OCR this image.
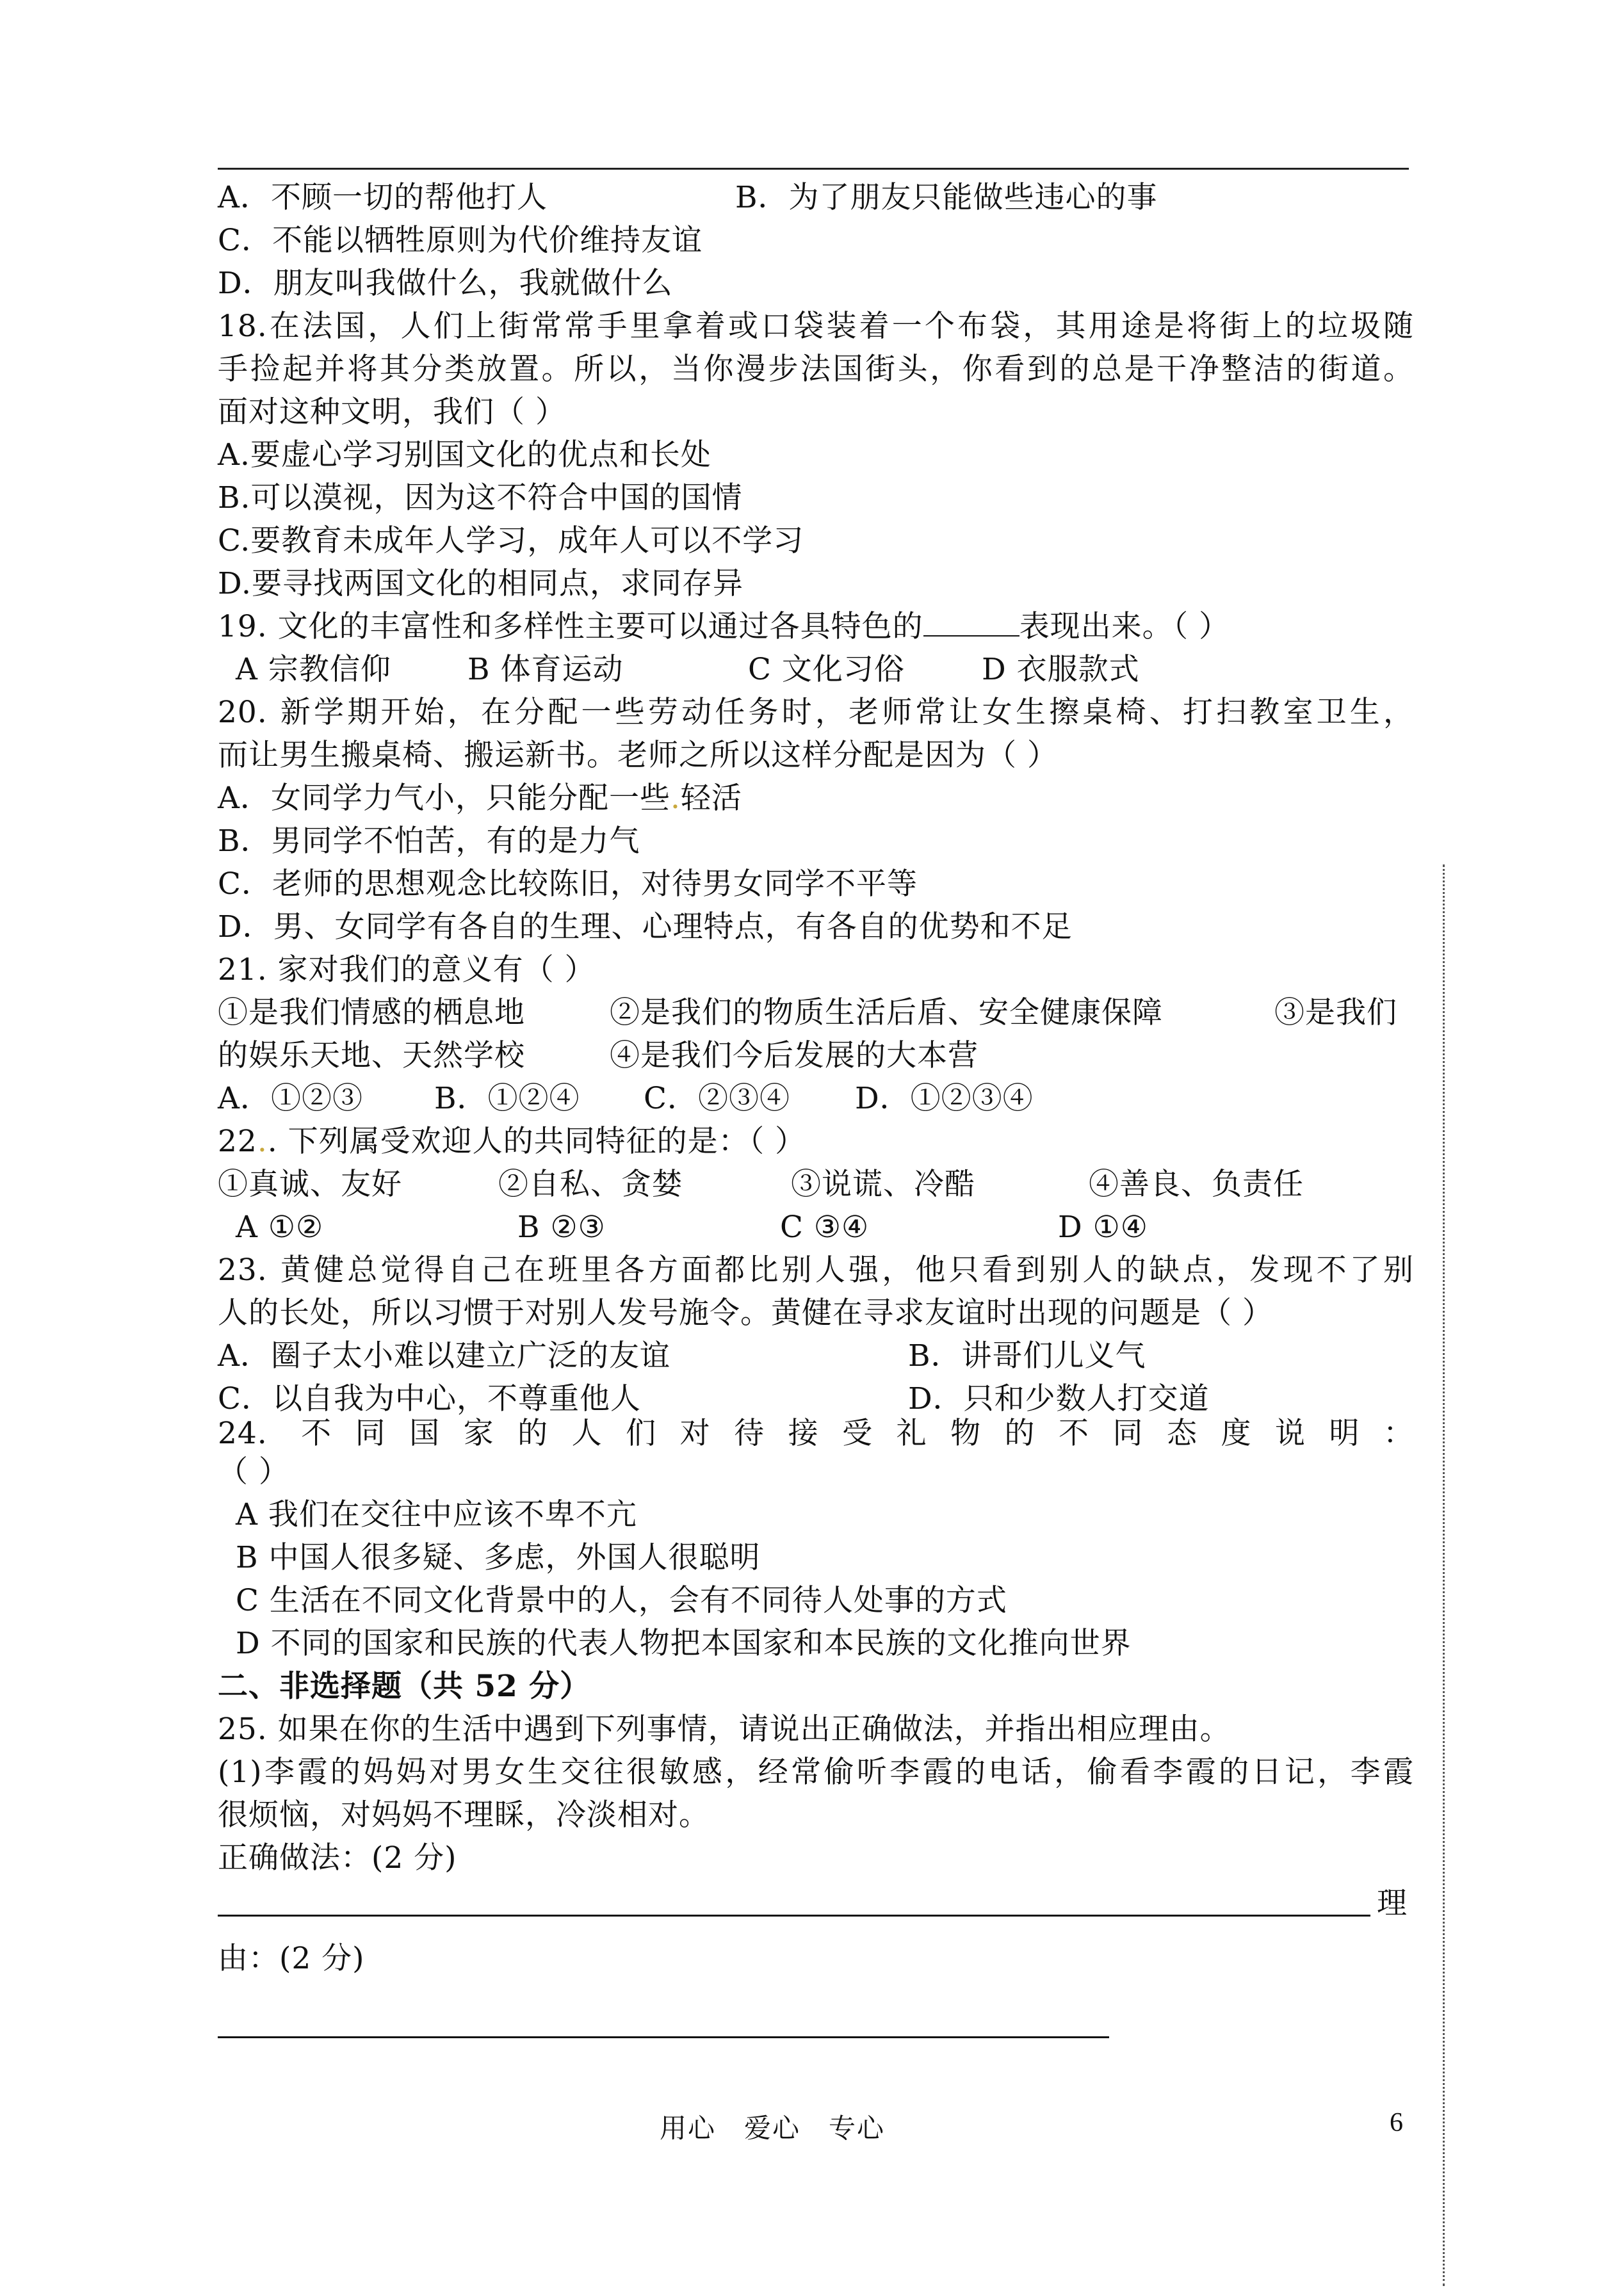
A．不顾一切的帮他打人	B．为了朋友只能做些违心的事
C．不能以牺牲原则为代价维持友谊
D．朋友叫我做什么，我就做什么
18.在法国，人们上街常常手里拿着或口袋装着一个布袋，其用途是将街上的垃圾随
手捡起并将其分类放置。所以，当你漫步法国街头，你看到的总是干净整洁的街道。
面对这种文明，我们（ ）
A.要虚心学习别国文化的优点和长处
B.可以漠视，因为这不符合中国的国情
C.要教育未成年人学习，成年人可以不学习
D.要寻找两国文化的相同点，求同存异
19. 文化的丰富性和多样性主要可以通过各具特色的	表现出来。（ ）
A 宗教信仰	B 体育运动	C 文化习俗	D 衣服款式
20. 新学期开始，在分配一些劳动任务时，老师常让女生擦桌椅、打扫教室卫生，
而让男生搬桌椅、搬运新书。老师之所以这样分配是因为（ ）
A．女同学力气小，只能分配一些.轻活
B．男同学不怕苦，有的是力气
C．老师的思想观念比较陈旧，对待男女同学不平等
D．男、女同学有各自的生理、心理特点，有各自的优势和不足
21. 家对我们的意义有（ ）
①是我们情感的栖息地	②是我们的物质生活后盾、安全健康保障	③是我们
的娱乐天地、天然学校	④是我们今后发展的大本营
A．①②③ B．①②④ C．②③④ D．①②③④
22.. 下列属受欢迎人的共同特征的是：（ ）
①真诚、友好	②自私、贪婪	③说谎、冷酷	④善良、负责任
A ①②	B ②③	C ③④	D ①④
23. 黄健总觉得自己在班里各方面都比别人强，他只看到别人的缺点，发现不了别
人的长处，所以习惯于对别人发号施令。黄健在寻求友谊时出现的问题是（ ）
A．圈子太小难以建立广泛的友谊	B．讲哥们儿义气
C．以自我为中心，不尊重他人	D．只和少数人打交道
24. 不同国家的人们对待接受礼物的不同态度说明：
（ ）
A 我们在交往中应该不卑不亢
B 中国人很多疑、多虑，外国人很聪明
C 生活在不同文化背景中的人，会有不同待人处事的方式
D 不同的国家和民族的代表人物把本国家和本民族的文化推向世界
二、非选择题（共 52 分）
25. 如果在你的生活中遇到下列事情，请说出正确做法，并指出相应理由。
(1)李霞的妈妈对男女生交往很敏感，经常偷听李霞的电话，偷看李霞的日记，李霞
很烦恼，对妈妈不理睬，冷淡相对。
正确做法：(2 分)
理
由：(2 分)
用心　爱心　专心	6
